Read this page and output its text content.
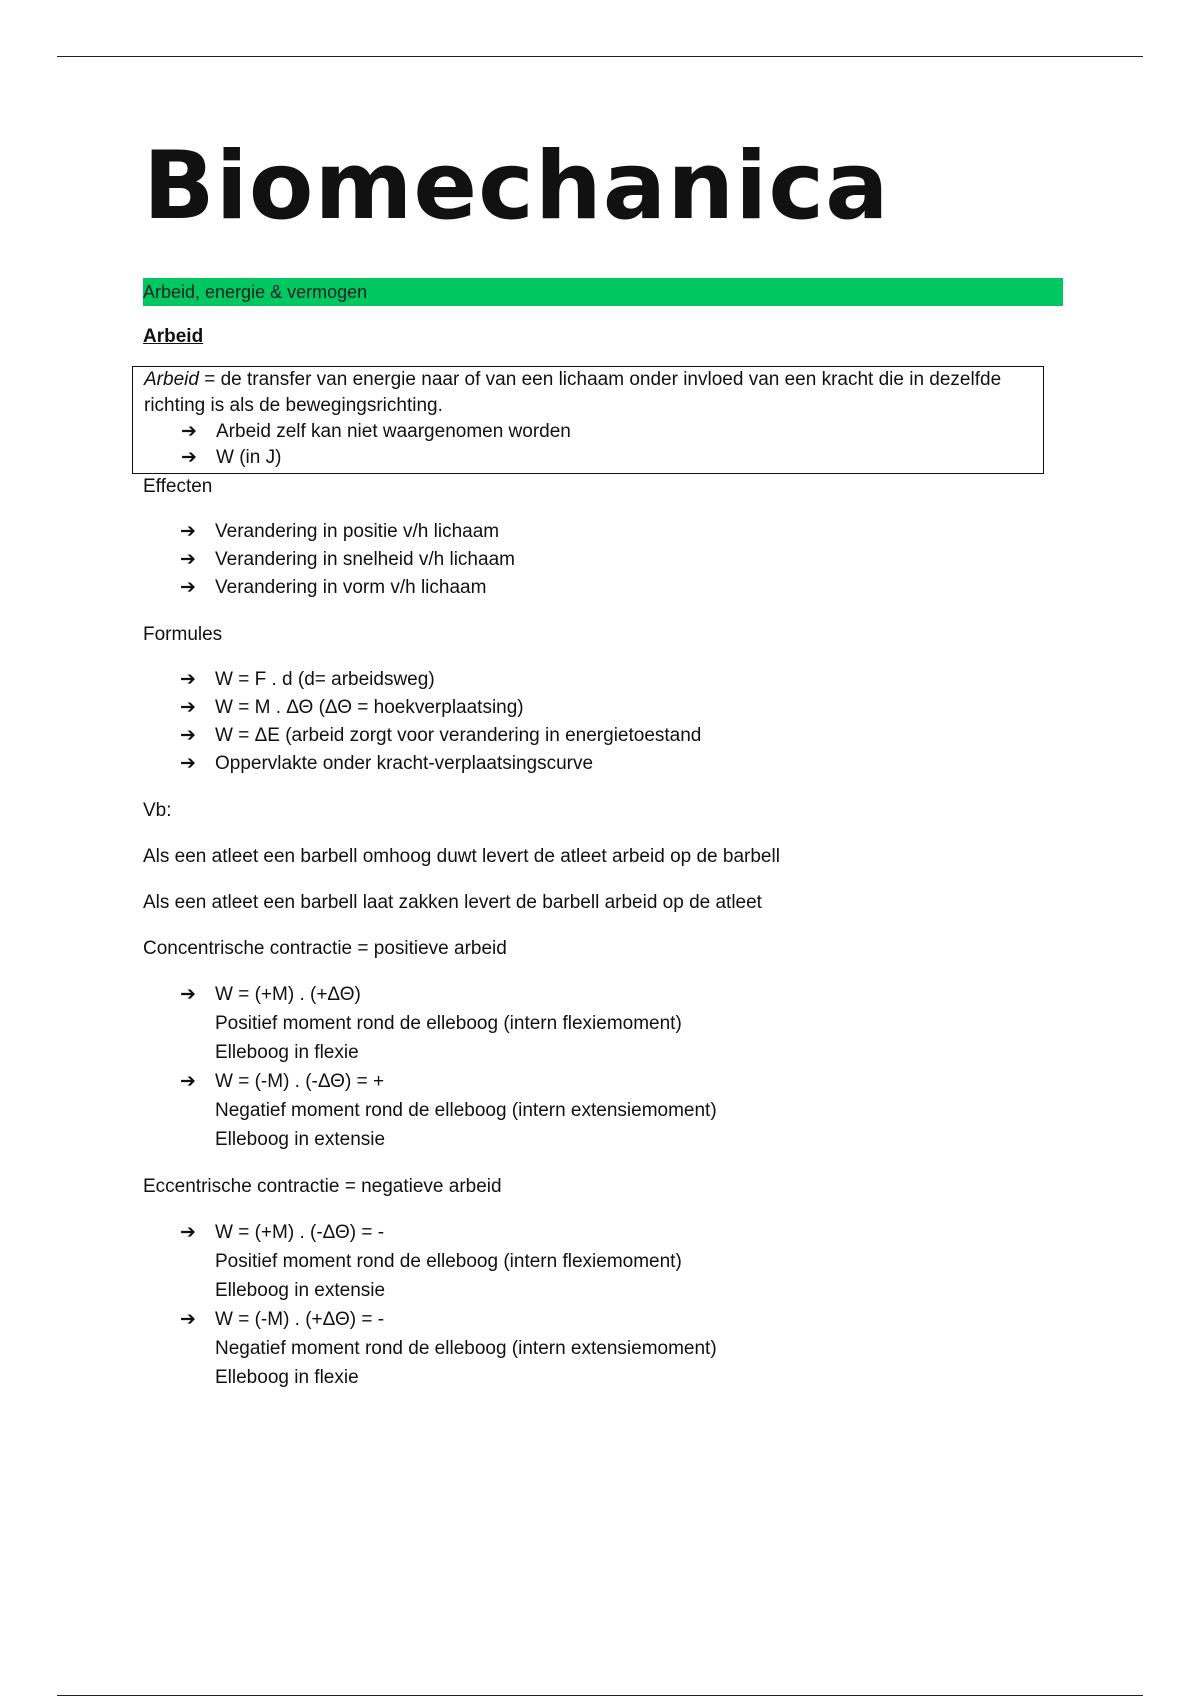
Biomechanica
Arbeid, energie & vermogen

Arbeid

Arbeid = de transfer van energie naar of van een lichaam onder invloed van een kracht die in dezelfde richting is als de bewegingsrichting.

➔ Arbeid zelf kan niet waargenomen worden
➔ W (in J)

Effecten

➔ Verandering in positie v/h lichaam
➔ Verandering in snelheid v/h lichaam
➔ Verandering in vorm v/h lichaam

Formules

➔ W = F . d (d= arbeidsweg)
➔ W = M . ΔΘ (ΔΘ = hoekverplaatsing)
➔ W = ΔE (arbeid zorgt voor verandering in energietoestand
➔ Oppervlakte onder kracht-verplaatsingscurve

Vb:

Als een atleet een barbell omhoog duwt levert de atleet arbeid op de barbell

Als een atleet een barbell laat zakken levert de barbell arbeid op de atleet

Concentrische contractie = positieve arbeid

➔ W = (+M) . (+ΔΘ)
Positief moment rond de elleboog (intern flexiemoment)
Elleboog in flexie
➔ W = (-M) . (-ΔΘ) = +
Negatief moment rond de elleboog (intern extensiemoment)
Elleboog in extensie

Eccentrische contractie = negatieve arbeid

➔ W = (+M) . (-ΔΘ) = -
Positief moment rond de elleboog (intern flexiemoment)
Elleboog in extensie
➔ W = (-M) . (+ΔΘ) = -
Negatief moment rond de elleboog (intern extensiemoment)
Elleboog in flexie
